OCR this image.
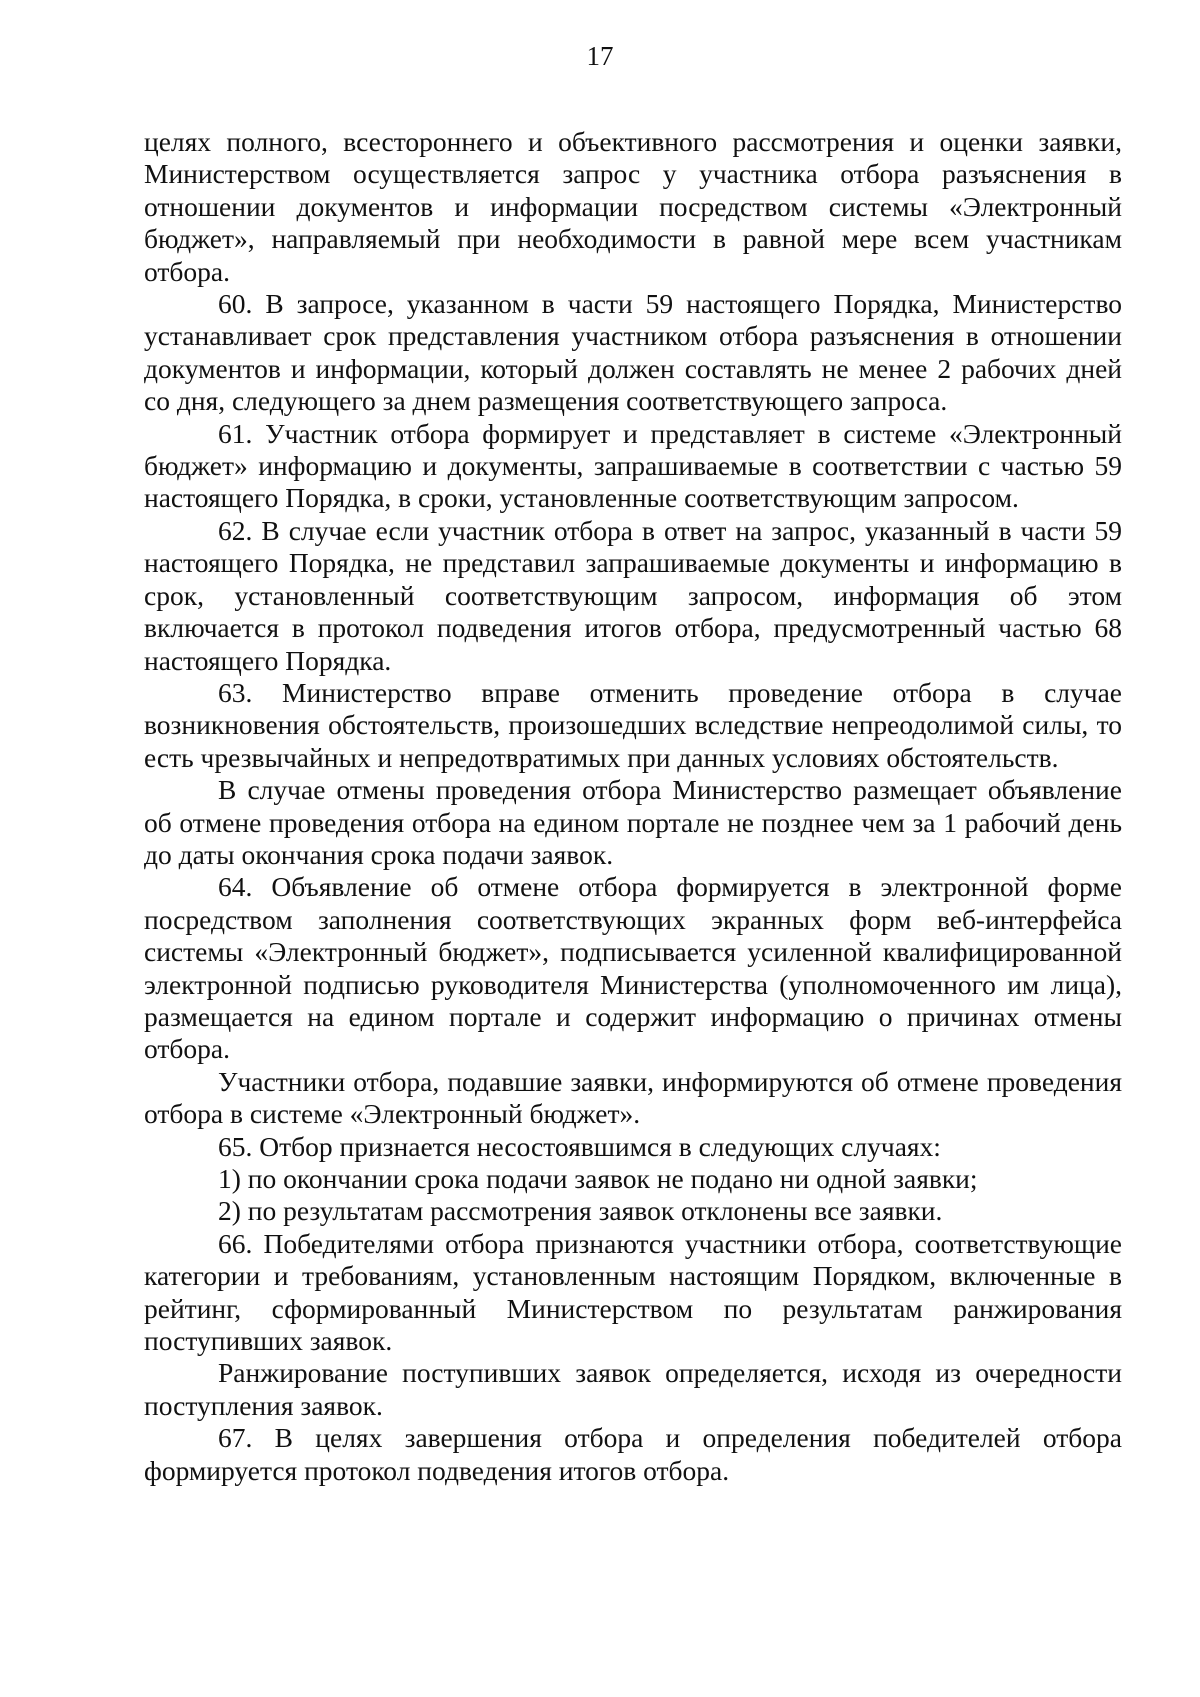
17

целях полного, всестороннего и объективного рассмотрения и оценки заявки, Министерством осуществляется запрос у участника отбора разъяснения в отношении документов и информации посредством системы «Электронный бюджет», направляемый при необходимости в равной мере всем участникам отбора.

60. В запросе, указанном в части 59 настоящего Порядка, Министерство устанавливает срок представления участником отбора разъяснения в отношении документов и информации, который должен составлять не менее 2 рабочих дней со дня, следующего за днем размещения соответствующего запроса.

61. Участник отбора формирует и представляет в системе «Электронный бюджет» информацию и документы, запрашиваемые в соответствии с частью 59 настоящего Порядка, в сроки, установленные соответствующим запросом.

62. В случае если участник отбора в ответ на запрос, указанный в части 59 настоящего Порядка, не представил запрашиваемые документы и информацию в срок, установленный соответствующим запросом, информация об этом включается в протокол подведения итогов отбора, предусмотренный частью 68 настоящего Порядка.

63. Министерство вправе отменить проведение отбора в случае возникновения обстоятельств, произошедших вследствие непреодолимой силы, то есть чрезвычайных и непредотвратимых при данных условиях обстоятельств.

В случае отмены проведения отбора Министерство размещает объявление об отмене проведения отбора на едином портале не позднее чем за 1 рабочий день до даты окончания срока подачи заявок.

64. Объявление об отмене отбора формируется в электронной форме посредством заполнения соответствующих экранных форм веб-интерфейса системы «Электронный бюджет», подписывается усиленной квалифицированной электронной подписью руководителя Министерства (уполномоченного им лица), размещается на едином портале и содержит информацию о причинах отмены отбора.

Участники отбора, подавшие заявки, информируются об отмене проведения отбора в системе «Электронный бюджет».

65. Отбор признается несостоявшимся в следующих случаях:

1) по окончании срока подачи заявок не подано ни одной заявки;

2) по результатам рассмотрения заявок отклонены все заявки.

66. Победителями отбора признаются участники отбора, соответствующие категории и требованиям, установленным настоящим Порядком, включенные в рейтинг, сформированный Министерством по результатам ранжирования поступивших заявок.

Ранжирование поступивших заявок определяется, исходя из очередности поступления заявок.

67. В целях завершения отбора и определения победителей отбора формируется протокол подведения итогов отбора.
